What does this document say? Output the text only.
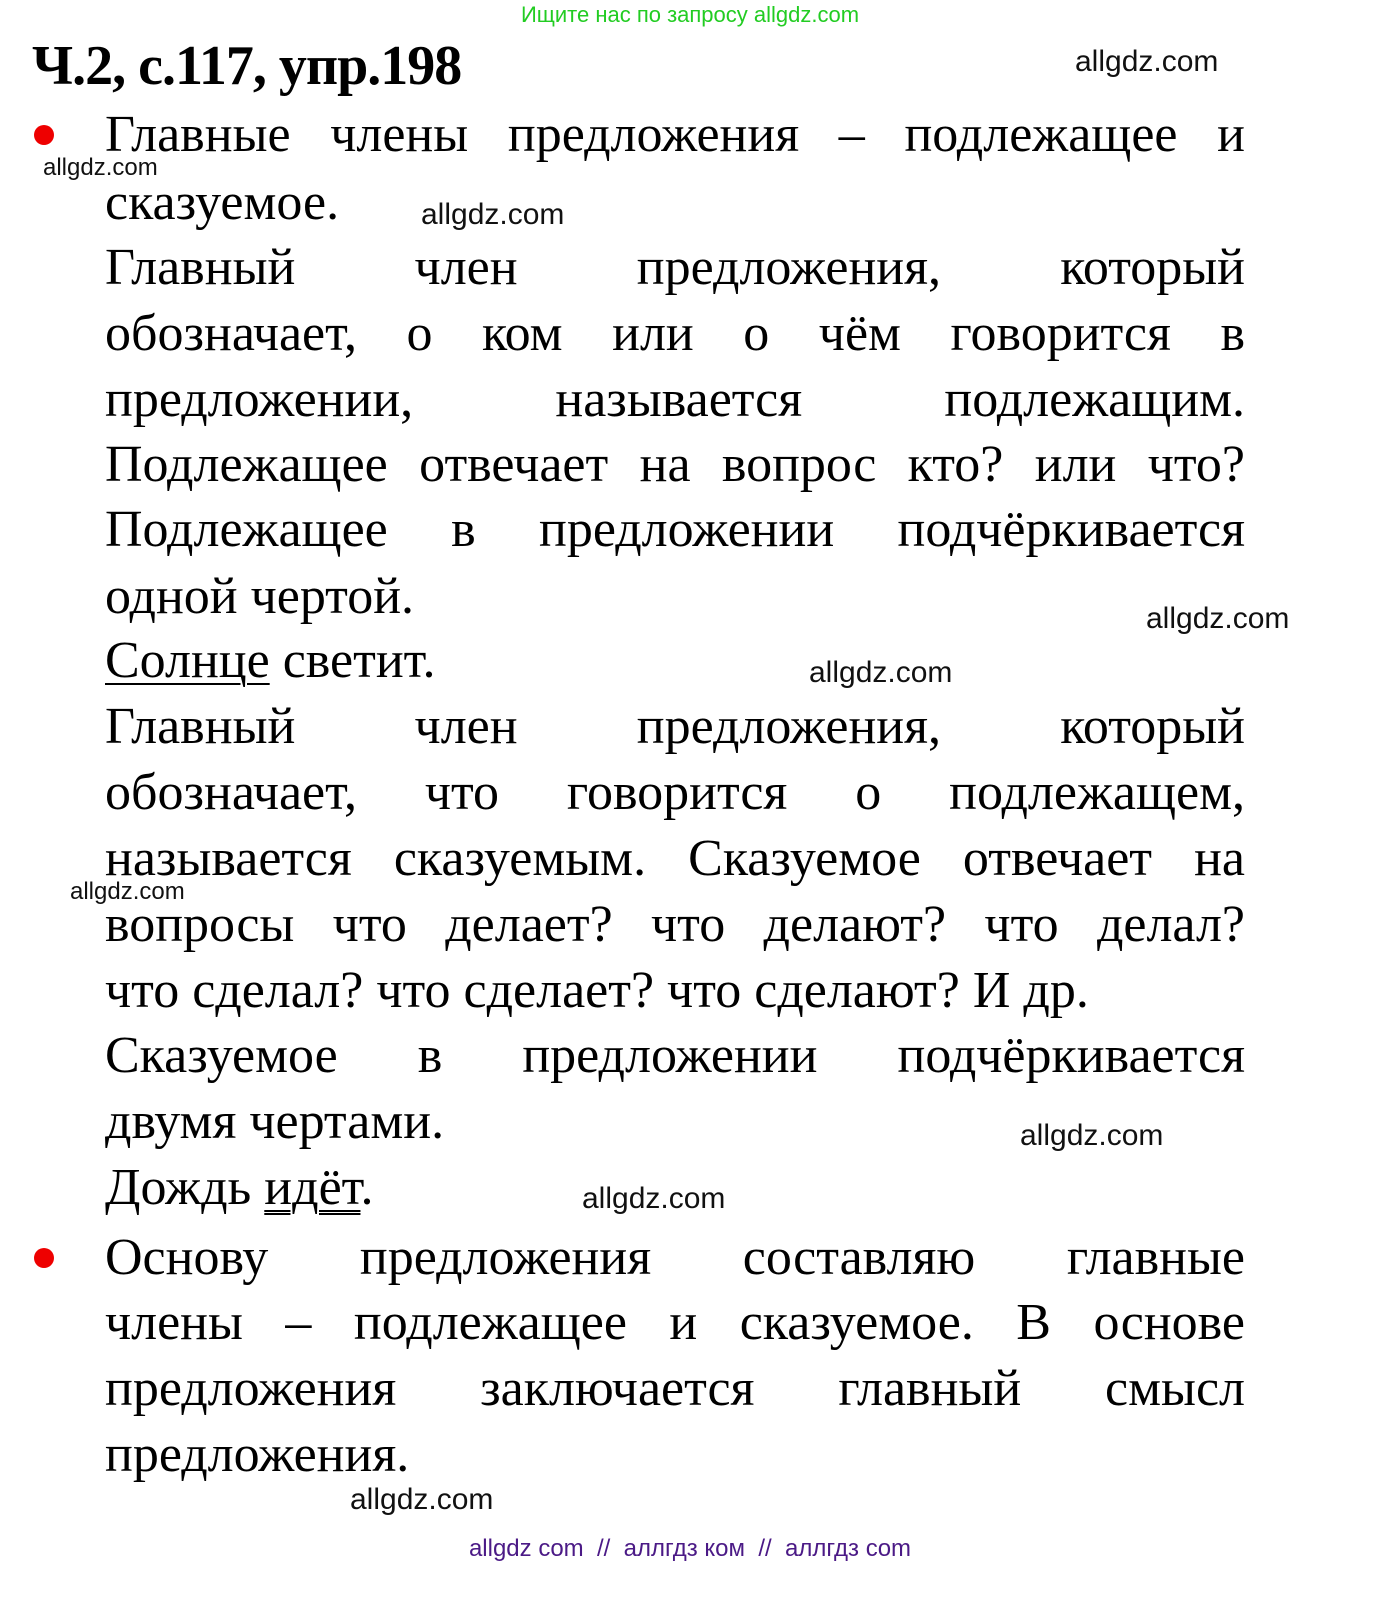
Ищите нас по запросу allgdz.com
Ч.2, с.117, упр.198
Главные члены предложения – подлежащее и
сказуемое.
Главный член предложения, который
обозначает, о ком или о чём говорится в
предложении, называется подлежащим.
Подлежащее отвечает на вопрос кто? или что?
Подлежащее в предложении подчёркивается
одной чертой.
Солнце светит.
Главный член предложения, который
обозначает, что говорится о подлежащем,
называется сказуемым. Сказуемое отвечает на
вопросы что делает? что делают? что делал?
что сделал? что сделает? что сделают? И др.
Сказуемое в предложении подчёркивается
двумя чертами.
Дождь идёт.
Основу предложения составляю главные
члены – подлежащее и сказуемое. В основе
предложения заключается главный смысл
предложения.
allgdz.com
allgdz.com
allgdz.com
allgdz.com
allgdz.com
allgdz.com
allgdz.com
allgdz.com
allgdz.com
allgdz com  //  аллгдз ком  //  аллгдз com
